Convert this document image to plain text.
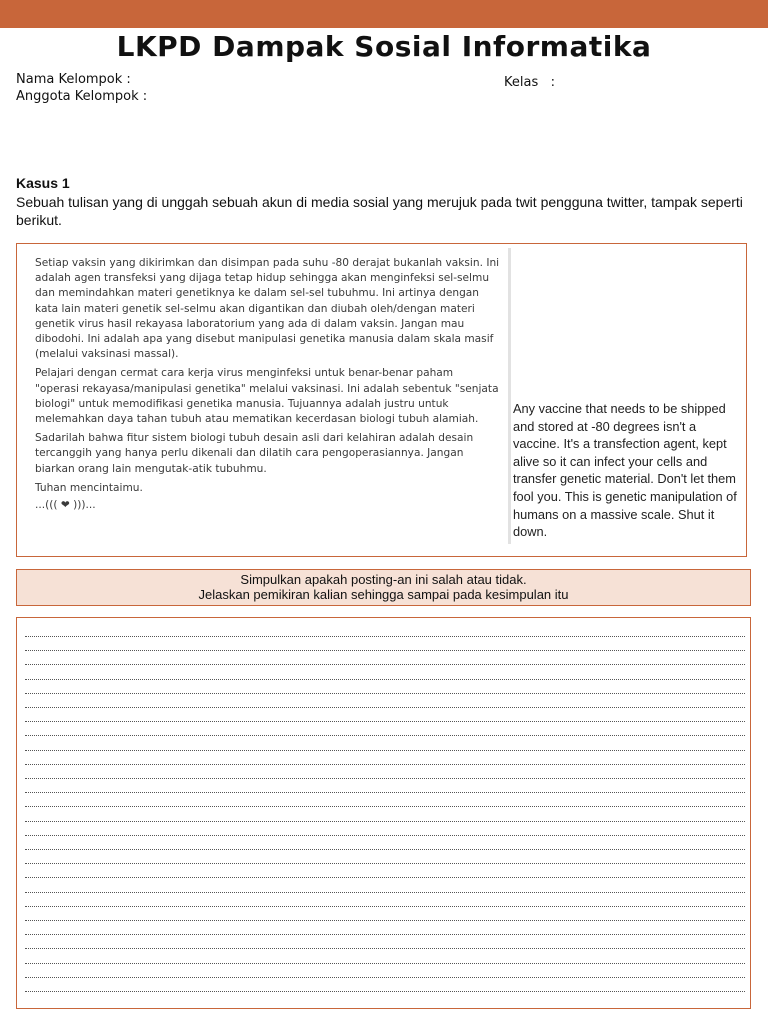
LKPD Dampak Sosial Informatika
Nama Kelompok :
Anggota Kelompok :
Kelas   :
Kasus 1
Sebuah tulisan yang di unggah sebuah akun di media sosial yang merujuk pada twit pengguna twitter, tampak seperti berikut.

Setiap vaksin yang dikirimkan dan disimpan pada suhu -80 derajat bukanlah vaksin. Ini adalah agen transfeksi yang dijaga tetap hidup sehingga akan menginfeksi sel-selmu dan memindahkan materi genetiknya ke dalam sel-sel tubuhmu. Ini artinya dengan kata lain materi genetik sel-selmu akan digantikan dan diubah oleh/dengan materi genetik virus hasil rekayasa laboratorium yang ada di dalam vaksin. Jangan mau dibodohi. Ini adalah apa yang disebut manipulasi genetika manusia dalam skala masif (melalui vaksinasi massal).

Pelajari dengan cermat cara kerja virus menginfeksi untuk benar-benar paham "operasi rekayasa/manipulasi genetika" melalui vaksinasi. Ini adalah sebentuk "senjata biologi" untuk memodifikasi genetika manusia. Tujuannya adalah justru untuk melemahkan daya tahan tubuh atau mematikan kecerdasan biologi tubuh alamiah.

Sadarilah bahwa fitur sistem biologi tubuh desain asli dari kelahiran adalah desain tercanggih yang hanya perlu dikenali dan dilatih cara pengoperasiannya. Jangan biarkan orang lain mengutak-atik tubuhmu.

Tuhan mencintaimu.

...((( ❤ )))...

Any vaccine that needs to be shipped and stored at -80 degrees isn't a vaccine. It's a transfection agent, kept alive so it can infect your cells and transfer genetic material. Don't let them fool you. This is genetic manipulation of humans on a massive scale. Shut it down.
Simpulkan apakah posting-an ini salah atau tidak.
Jelaskan pemikiran kalian sehingga sampai pada kesimpulan itu
